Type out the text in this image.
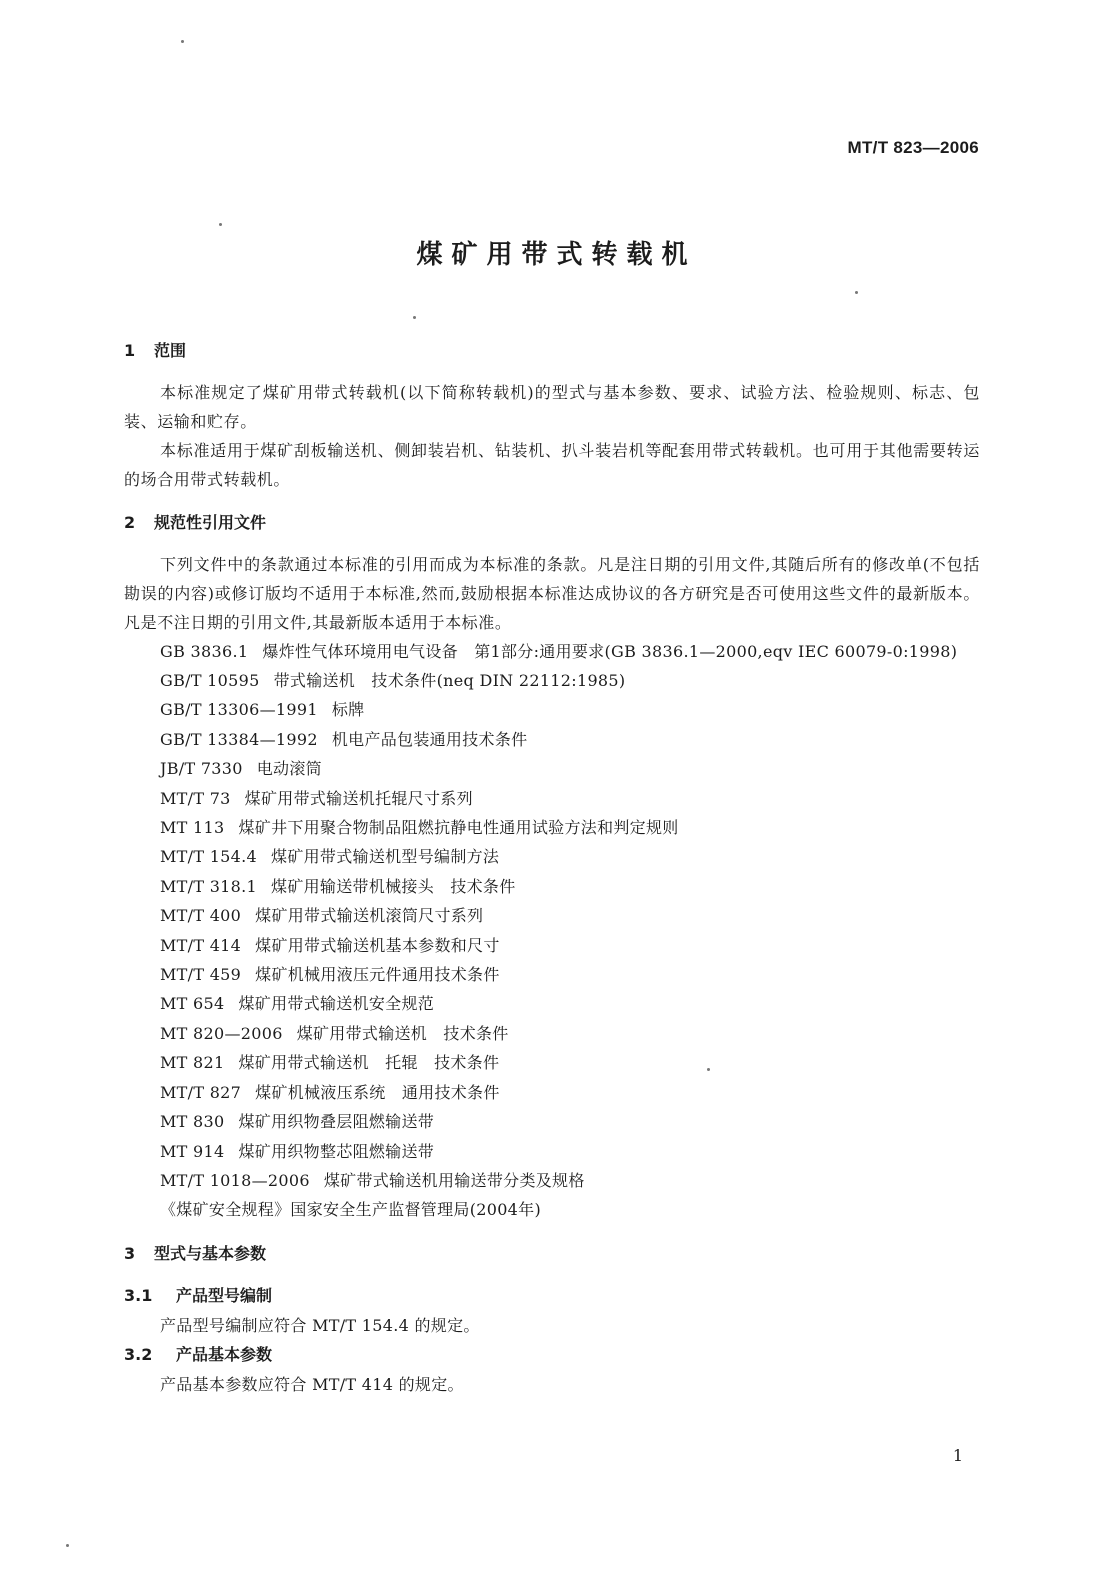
MT/T 823—2006
煤矿用带式转载机
1 范围

本标准规定了煤矿用带式转载机(以下简称转载机)的型式与基本参数、要求、试验方法、检验规则、标志、包装、运输和贮存。

本标准适用于煤矿刮板输送机、侧卸装岩机、钻装机、扒斗装岩机等配套用带式转载机。也可用于其他需要转运的场合用带式转载机。

2 规范性引用文件

下列文件中的条款通过本标准的引用而成为本标准的条款。凡是注日期的引用文件,其随后所有的修改单(不包括勘误的内容)或修订版均不适用于本标准,然而,鼓励根据本标准达成协议的各方研究是否可使用这些文件的最新版本。凡是不注日期的引用文件,其最新版本适用于本标准。

GB 3836.1 爆炸性气体环境用电气设备　第1部分:通用要求(GB 3836.1—2000,eqv IEC 60079-0:1998)
GB/T 10595 带式输送机　技术条件(neq DIN 22112:1985)
GB/T 13306—1991 标牌
GB/T 13384—1992 机电产品包装通用技术条件
JB/T 7330 电动滚筒
MT/T 73 煤矿用带式输送机托辊尺寸系列
MT 113 煤矿井下用聚合物制品阻燃抗静电性通用试验方法和判定规则
MT/T 154.4 煤矿用带式输送机型号编制方法
MT/T 318.1 煤矿用输送带机械接头　技术条件
MT/T 400 煤矿用带式输送机滚筒尺寸系列
MT/T 414 煤矿用带式输送机基本参数和尺寸
MT/T 459 煤矿机械用液压元件通用技术条件
MT 654 煤矿用带式输送机安全规范
MT 820—2006 煤矿用带式输送机　技术条件
MT 821 煤矿用带式输送机　托辊　技术条件
MT/T 827 煤矿机械液压系统　通用技术条件
MT 830 煤矿用织物叠层阻燃输送带
MT 914 煤矿用织物整芯阻燃输送带
MT/T 1018—2006 煤矿带式输送机用输送带分类及规格
《煤矿安全规程》国家安全生产监督管理局(2004年)
3 型式与基本参数
3.1 产品型号编制
产品型号编制应符合 MT/T 154.4 的规定。
3.2 产品基本参数
产品基本参数应符合 MT/T 414 的规定。
1
